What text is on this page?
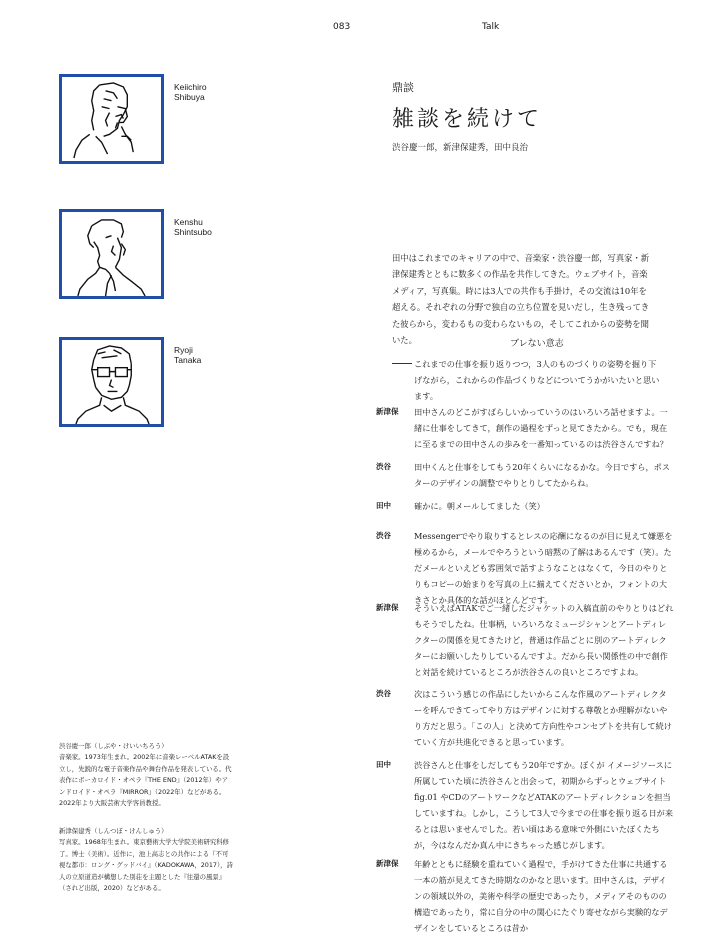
083	Talk
Keiichiro
Shibuya
Kenshu
Shintsubo
Ryoji
Tanaka
鼎談
雑談を続けて
渋谷慶一郎，新津保建秀，田中良治
田中はこれまでのキャリアの中で、音楽家・渋谷慶一郎，写真家・新津保建秀とともに数多くの作品を共作してきた。ウェブサイト，音楽メディア，写真集。時には3人での共作も手掛け，その交流は10年を超える。それぞれの分野で独自の立ち位置を見いだし，生き残ってきた彼らから，変わるもの変わらないもの，そしてこれからの姿勢を聞いた。	ブレない意志
これまでの仕事を振り返りつつ，3人のものづくりの姿勢を掘り下げながら，これからの作品づくりなどについてうかがいたいと思います。
新津保	田中さんのどこがすばらしいかっていうのはいろいろ話せますよ。一緒に仕事をしてきて，創作の過程をずっと見てきたから。でも，現在に至るまでの田中さんの歩みを一番知っているのは渋谷さんですね？
渋谷	田中くんと仕事をしてもう20年くらいになるかな。今日ですら，ポスターのデザインの調整でやりとりしてたからね。
田中	確かに。朝メールしてました（笑）
渋谷	Messengerでやり取りするとレスの応酬になるのが目に見えて嫌悪を極めるから，メールでやろうという暗黙の了解はあるんです（笑）。ただメールといえども雰囲気で話すようなことはなくて，今日のやりとりもコピーの始まりを写真の上に揃えてくださいとか，フォントの大きさとか具体的な話がほとんどです。
新津保	そういえばATAKでご一緒したジャケットの入稿直前のやりとりはどれもそうでしたね。仕事柄，いろいろなミュージシャンとアートディレクターの関係を見てきたけど，普通は作品ごとに別のアートディレクターにお願いしたりしているんですよ。だから長い関係性の中で創作と対話を続けているところが渋谷さんの良いところですよね。
渋谷	次はこういう感じの作品にしたいからこんな作風のアートディレクターを呼んできてってやり方はデザインに対する尊敬とか理解がないやり方だと思う。「この人」と決めて方向性やコンセプトを共有して続けていく方が共進化できると思っています。
田中	渋谷さんと仕事をしだしてもう20年ですか。ぼくが イメージソースに所属していた頃に渋谷さんと出会って，初期からずっとウェブサイト fig.01 やCDのアートワークなどATAKのアートディレクションを担当していますね。しかし，こうして3人で今までの仕事を振り返る日が来るとは思いませんでした。若い頃はある意味で外側にいたぼくたちが，今はなんだか真ん中にきちゃった感じがします。
新津保	年齢とともに経験を重ねていく過程で，手がけてきた仕事に共通する一本の筋が見えてきた時期なのかなと思います。田中さんは，デザインの領域以外の，美術や科学の歴史であったり，メディアそのものの構造であったり，常に自分の中の関心にたぐり寄せながら実験的なデザインをしているところは昔か
渋谷慶一郎（しぶや・けいいちろう）
音楽家。1973年生まれ。2002年に音楽レーベルATAKを設立し，先鋭的な電子音楽作品や舞台作品を発表している。代表作にボーカロイド・オペラ『THE END』（2012年）やアンドロイド・オペラ『MIRROR』（2022年）などがある。2022年より大阪芸術大学客員教授。
新津保建秀（しんつぼ・けんしゅう）
写真家。1968年生まれ。東京藝術大学大学院美術研究科修了。博士（美術）。近作に，池上高志との共作による『不可視な都市：ロング・グッドバイ』（KADOKAWA，2017），詩人の立原道造が構想した別荘を主題とした『往還の風景』（されど出版，2020）などがある。
